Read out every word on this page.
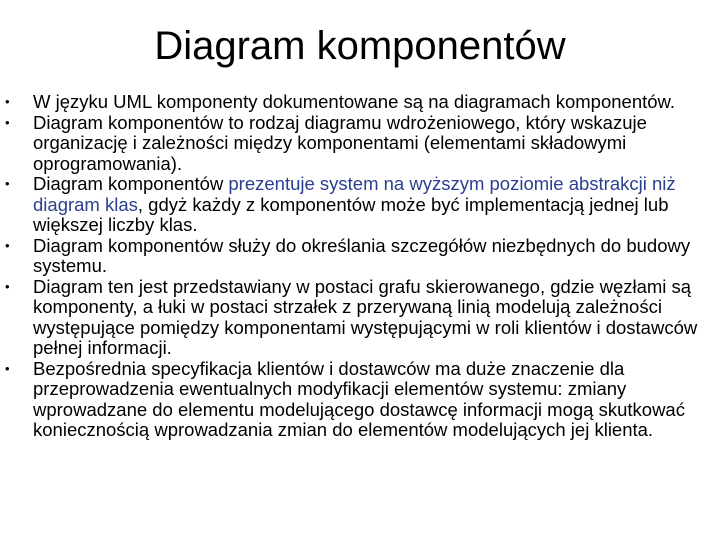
Diagram komponentów
• W języku UML komponenty dokumentowane są na diagramach komponentów.
• Diagram komponentów to rodzaj diagramu wdrożeniowego, który wskazuje organizację i zależności między komponentami (elementami składowymi oprogramowania).
• Diagram komponentów prezentuje system na wyższym poziomie abstrakcji niż diagram klas, gdyż każdy z komponentów może być implementacją jednej lub większej liczby klas.
• Diagram komponentów służy do określania szczegółów niezbędnych do budowy systemu.
• Diagram ten jest przedstawiany w postaci grafu skierowanego, gdzie węzłami są komponenty, a łuki w postaci strzałek z przerywaną linią modelują zależności występujące pomiędzy komponentami występującymi w roli klientów i dostawców pełnej informacji.
• Bezpośrednia specyfikacja klientów i dostawców ma duże znaczenie dla przeprowadzenia ewentualnych modyfikacji elementów systemu: zmiany wprowadzane do elementu modelującego dostawcę informacji mogą skutkować koniecznością wprowadzania zmian do elementów modelujących jej klienta.
